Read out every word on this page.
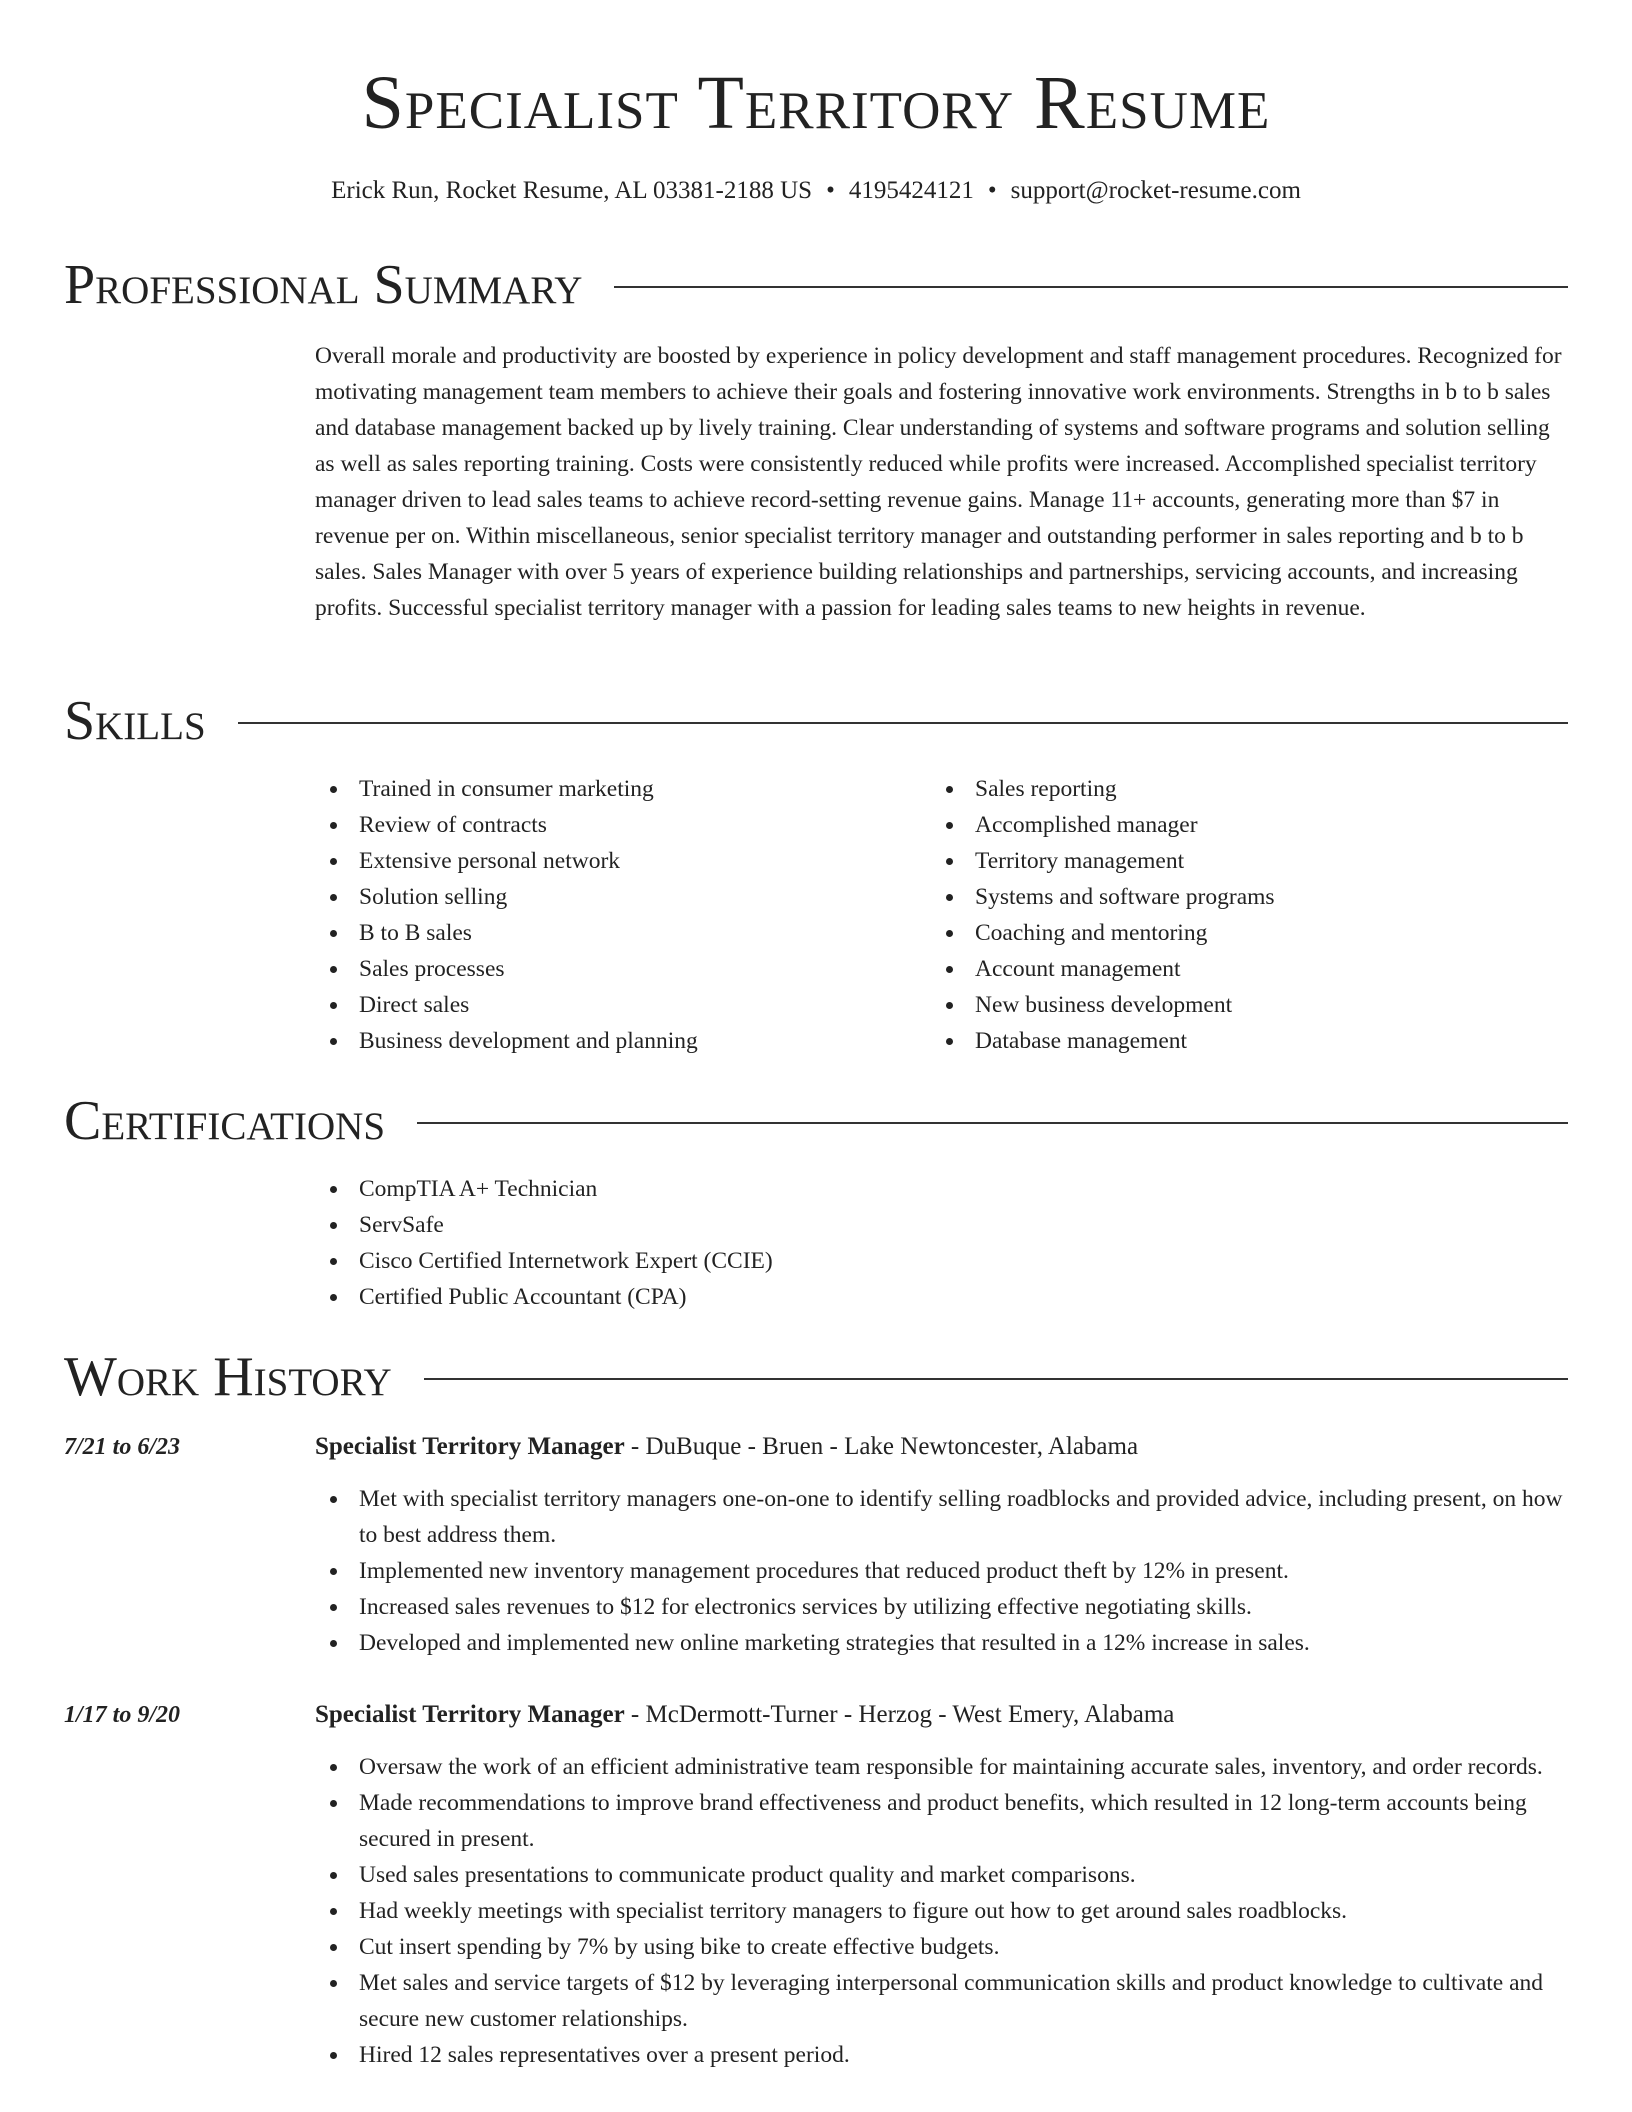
Specialist Territory Resume
Erick Run, Rocket Resume, AL 03381-2188 US • 4195424121 • support@rocket-resume.com
Professional Summary

Overall morale and productivity are boosted by experience in policy development and staff management procedures. Recognized for motivating management team members to achieve their goals and fostering innovative work environments. Strengths in b to b sales and database management backed up by lively training. Clear understanding of systems and software programs and solution selling as well as sales reporting training. Costs were consistently reduced while profits were increased. Accomplished specialist territory manager driven to lead sales teams to achieve record-setting revenue gains. Manage 11+ accounts, generating more than $7 in revenue per on. Within miscellaneous, senior specialist territory manager and outstanding performer in sales reporting and b to b sales. Sales Manager with over 5 years of experience building relationships and partnerships, servicing accounts, and increasing profits. Successful specialist territory manager with a passion for leading sales teams to new heights in revenue.

Skills
Trained in consumer marketing
Review of contracts
Extensive personal network
Solution selling
B to B sales
Sales processes
Direct sales
Business development and planning
Sales reporting
Accomplished manager
Territory management
Systems and software programs
Coaching and mentoring
Account management
New business development
Database management
Certifications
CompTIA A+ Technician
ServSafe
Cisco Certified Internetwork Expert (CCIE)
Certified Public Accountant (CPA)
Work History
7/21 to 6/23	Specialist Territory Manager - DuBuque - Bruen - Lake Newtoncester, Alabama
Met with specialist territory managers one-on-one to identify selling roadblocks and provided advice, including present, on how to best address them.
Implemented new inventory management procedures that reduced product theft by 12% in present.
Increased sales revenues to $12 for electronics services by utilizing effective negotiating skills.
Developed and implemented new online marketing strategies that resulted in a 12% increase in sales.
1/17 to 9/20	Specialist Territory Manager - McDermott-Turner - Herzog - West Emery, Alabama
Oversaw the work of an efficient administrative team responsible for maintaining accurate sales, inventory, and order records.
Made recommendations to improve brand effectiveness and product benefits, which resulted in 12 long-term accounts being secured in present.
Used sales presentations to communicate product quality and market comparisons.
Had weekly meetings with specialist territory managers to figure out how to get around sales roadblocks.
Cut insert spending by 7% by using bike to create effective budgets.
Met sales and service targets of $12 by leveraging interpersonal communication skills and product knowledge to cultivate and secure new customer relationships.
Hired 12 sales representatives over a present period.
